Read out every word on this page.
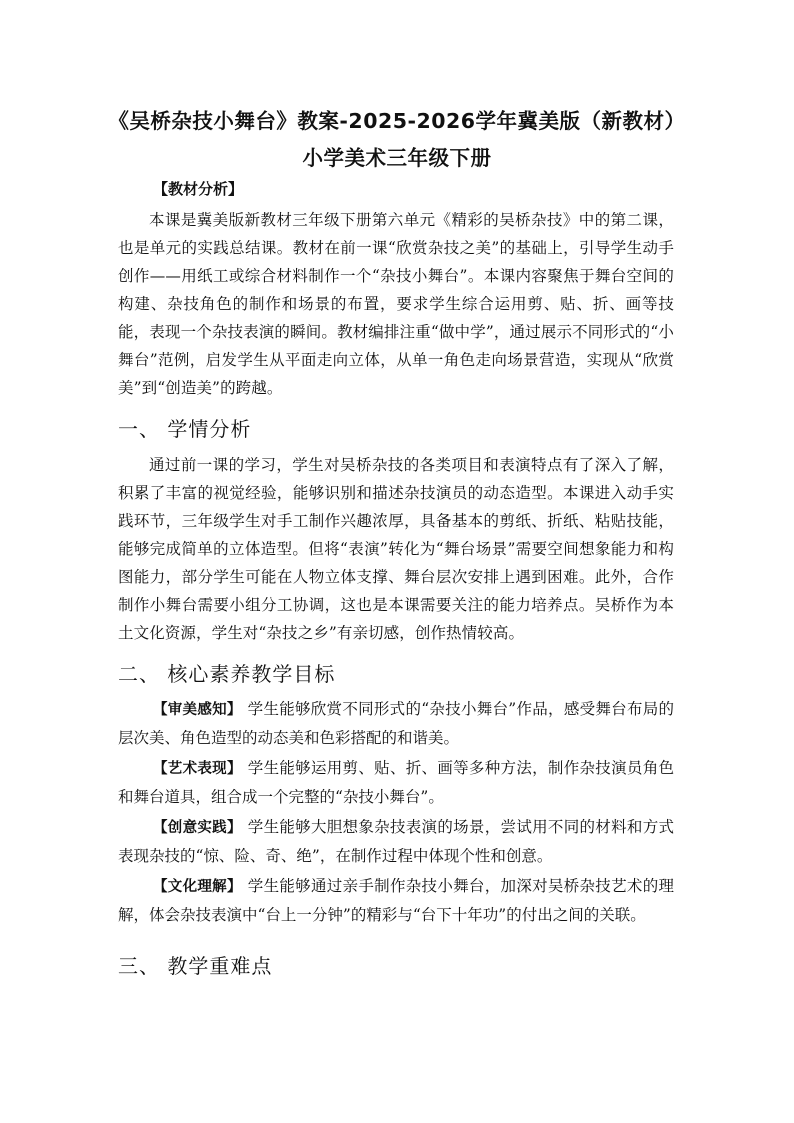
《吴桥杂技小舞台》教案-2025-2026学年冀美版（新教材）
小学美术三年级下册
【教材分析】
本课是冀美版新教材三年级下册第六单元《精彩的吴桥杂技》中的第二课，也是单元的实践总结课。教材在前一课“欣赏杂技之美”的基础上，引导学生动手创作——用纸工或综合材料制作一个“杂技小舞台”。本课内容聚焦于舞台空间的构建、杂技角色的制作和场景的布置，要求学生综合运用剪、贴、折、画等技能，表现一个杂技表演的瞬间。教材编排注重“做中学”，通过展示不同形式的“小舞台”范例，启发学生从平面走向立体，从单一角色走向场景营造，实现从“欣赏美”到“创造美”的跨越。
一、 学情分析
通过前一课的学习，学生对吴桥杂技的各类项目和表演特点有了深入了解，积累了丰富的视觉经验，能够识别和描述杂技演员的动态造型。本课进入动手实践环节，三年级学生对手工制作兴趣浓厚，具备基本的剪纸、折纸、粘贴技能，能够完成简单的立体造型。但将“表演”转化为“舞台场景”需要空间想象能力和构图能力，部分学生可能在人物立体支撑、舞台层次安排上遇到困难。此外，合作制作小舞台需要小组分工协调，这也是本课需要关注的能力培养点。吴桥作为本土文化资源，学生对“杂技之乡”有亲切感，创作热情较高。
二、 核心素养教学目标
【审美感知】 学生能够欣赏不同形式的“杂技小舞台”作品，感受舞台布局的层次美、角色造型的动态美和色彩搭配的和谐美。
【艺术表现】 学生能够运用剪、贴、折、画等多种方法，制作杂技演员角色和舞台道具，组合成一个完整的“杂技小舞台”。
【创意实践】 学生能够大胆想象杂技表演的场景，尝试用不同的材料和方式表现杂技的“惊、险、奇、绝”，在制作过程中体现个性和创意。
【文化理解】 学生能够通过亲手制作杂技小舞台，加深对吴桥杂技艺术的理解，体会杂技表演中“台上一分钟”的精彩与“台下十年功”的付出之间的关联。
三、 教学重难点
